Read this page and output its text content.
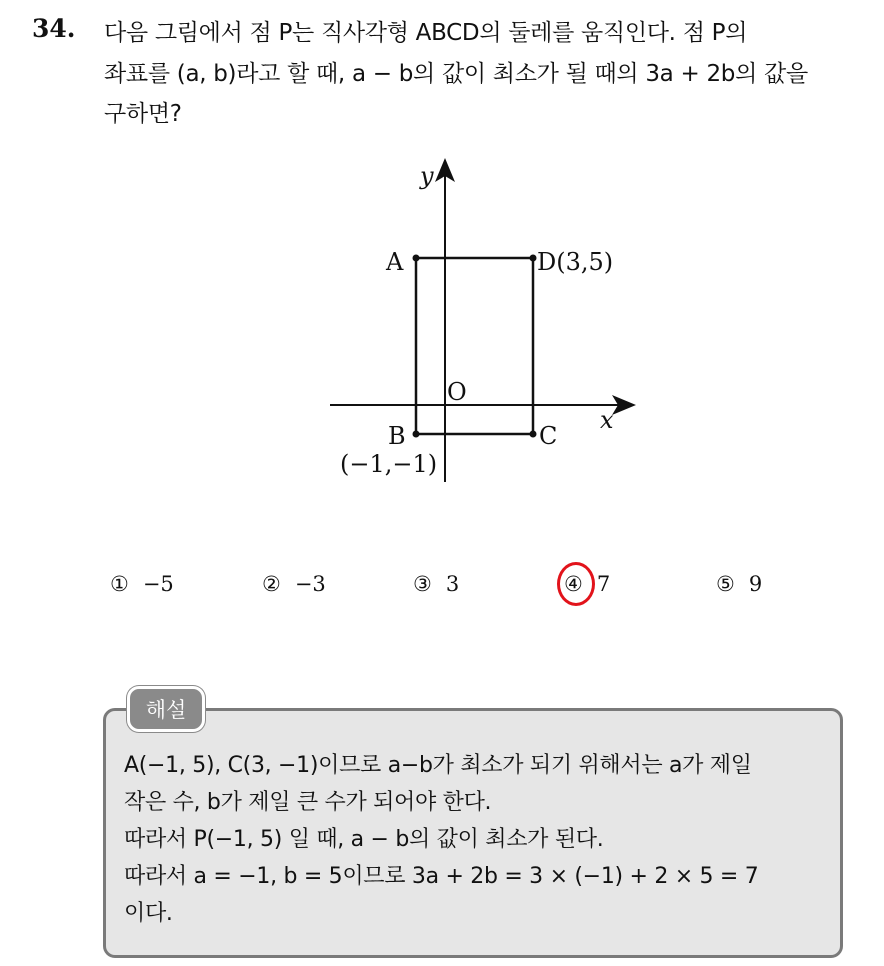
34. 다음 그림에서 점 P는 직사각형 ABCD의 둘레를 움직인다. 점 P의
좌표를 (a, b)라고 할 때, a − b의 값이 최소가 될 때의 3a + 2b의 값을
구하면?
y
x
O
A
B	C
D(3,5)
(−1,−1)
① −5	② −3	③ 3	④ 7	⑤ 9
해설
A(−1, 5), C(3, −1)이므로 a−b가 최소가 되기 위해서는 a가 제일
작은 수, b가 제일 큰 수가 되어야 한다.
따라서 P(−1, 5) 일 때, a − b의 값이 최소가 된다.
따라서 a = −1, b = 5이므로 3a + 2b = 3 × (−1) + 2 × 5 = 7
이다.
